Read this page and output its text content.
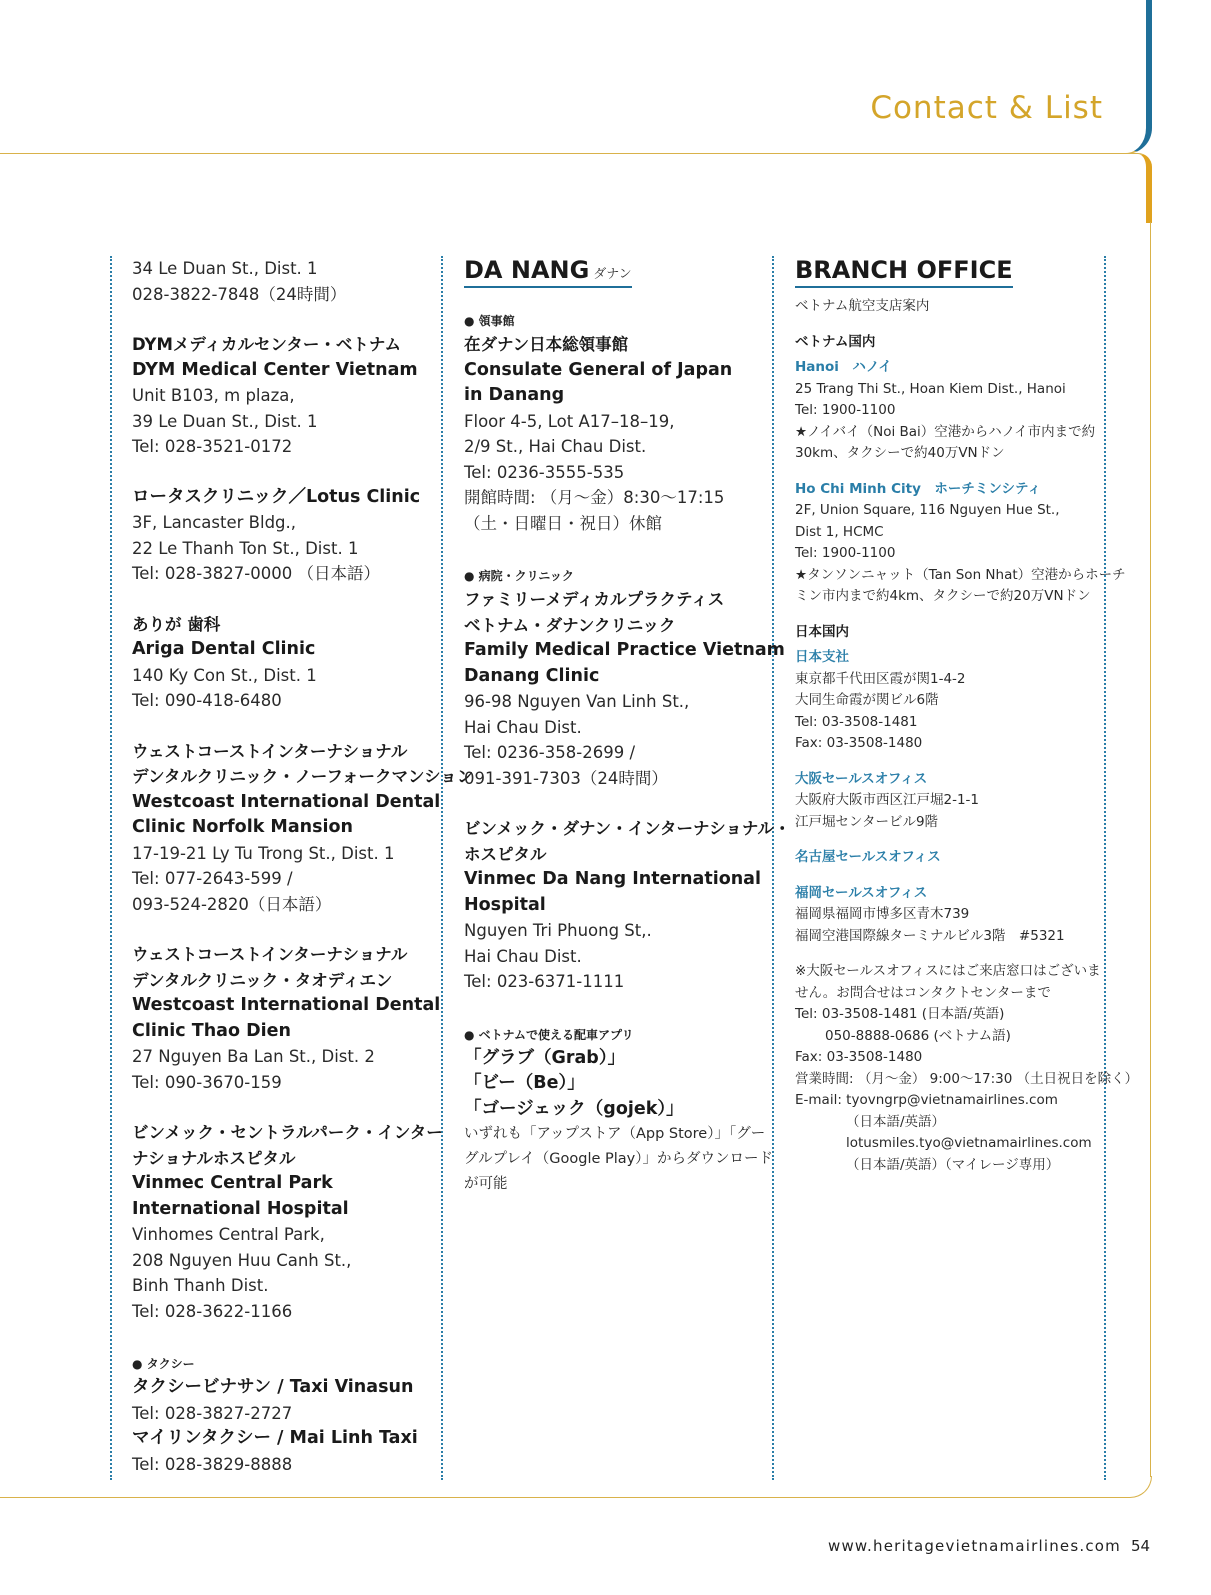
Contact & List
34 Le Duan St., Dist. 1
028-3822-7848（24時間）
DYMメディカルセンター・ベトナム
DYM Medical Center Vietnam
Unit B103, m plaza,
39 Le Duan St., Dist. 1
Tel: 028-3521-0172
ロータスクリニック／Lotus Clinic
3F, Lancaster Bldg.,
22 Le Thanh Ton St., Dist. 1
Tel: 028-3827-0000 （日本語）
ありが 歯科
Ariga Dental Clinic
140 Ky Con St., Dist. 1
Tel: 090-418-6480
ウェストコーストインターナショナル
デンタルクリニック・ノーフォークマンション
Westcoast International Dental
Clinic Norfolk Mansion
17-19-21 Ly Tu Trong St., Dist. 1
Tel: 077-2643-599 /
093-524-2820（日本語）
ウェストコーストインターナショナル
デンタルクリニック・タオディエン
Westcoast International Dental
Clinic Thao Dien
27 Nguyen Ba Lan St., Dist. 2
Tel: 090-3670-159
ビンメック・セントラルパーク・インター
ナショナルホスピタル
Vinmec Central Park
International Hospital
Vinhomes Central Park,
208 Nguyen Huu Canh St.,
Binh Thanh Dist.
Tel: 028-3622-1166
● タクシー
タクシービナサン / Taxi Vinasun
Tel: 028-3827-2727
マイリンタクシー / Mai Linh Taxi
Tel: 028-3829-8888
DA NANG ダナン
● 領事館
在ダナン日本総領事館
Consulate General of Japan
in Danang
Floor 4-5, Lot A17–18–19,
2/9 St., Hai Chau Dist.
Tel: 0236-3555-535
開館時間: （月～金）8:30～17:15
（土・日曜日・祝日）休館
● 病院・クリニック
ファミリーメディカルプラクティス
ベトナム・ダナンクリニック
Family Medical Practice Vietnam
Danang Clinic
96-98 Nguyen Van Linh St.,
Hai Chau Dist.
Tel: 0236-358-2699 /
091-391-7303（24時間）
ビンメック・ダナン・インターナショナル・
ホスピタル
Vinmec Da Nang International
Hospital
Nguyen Tri Phuong St,.
Hai Chau Dist.
Tel: 023-6371-1111
● ベトナムで使える配車アプリ
「グラブ（Grab）」
「ビー（Be）」
「ゴージェック（gojek）」
いずれも「アップストア（App Store）」「グー
グルプレイ（Google Play）」からダウンロード
が可能
BRANCH OFFICE
ベトナム航空支店案内
ベトナム国内
Hanoi　ハノイ
25 Trang Thi St., Hoan Kiem Dist., Hanoi
Tel: 1900-1100
★ノイバイ（Noi Bai）空港からハノイ市内まで約
30km、タクシーで約40万VNドン
Ho Chi Minh City　ホーチミンシティ
2F, Union Square, 116 Nguyen Hue St.,
Dist 1, HCMC
Tel: 1900-1100
★タンソンニャット（Tan Son Nhat）空港からホーチ
ミン市内まで約4km、タクシーで約20万VNドン
日本国内
日本支社
東京都千代田区霞が関1-4-2
大同生命霞が関ビル6階
Tel: 03-3508-1481
Fax: 03-3508-1480
大阪セールスオフィス
大阪府大阪市西区江戸堀2-1-1
江戸堀センタービル9階
名古屋セールスオフィス
福岡セールスオフィス
福岡県福岡市博多区青木739
福岡空港国際線ターミナルビル3階　#5321
※大阪セールスオフィスにはご来店窓口はございま
せん。お問合せはコンタクトセンターまで
Tel: 03-3508-1481 (日本語/英語)
050-8888-0686 (ベトナム語)
Fax: 03-3508-1480
営業時間: （月～金） 9:00～17:30 （土日祝日を除く）
E-mail: tyovngrp@vietnamairlines.com
（日本語/英語）
lotusmiles.tyo@vietnamairlines.com
（日本語/英語）（マイレージ専用）
www.heritagevietnamairlines.com 54
